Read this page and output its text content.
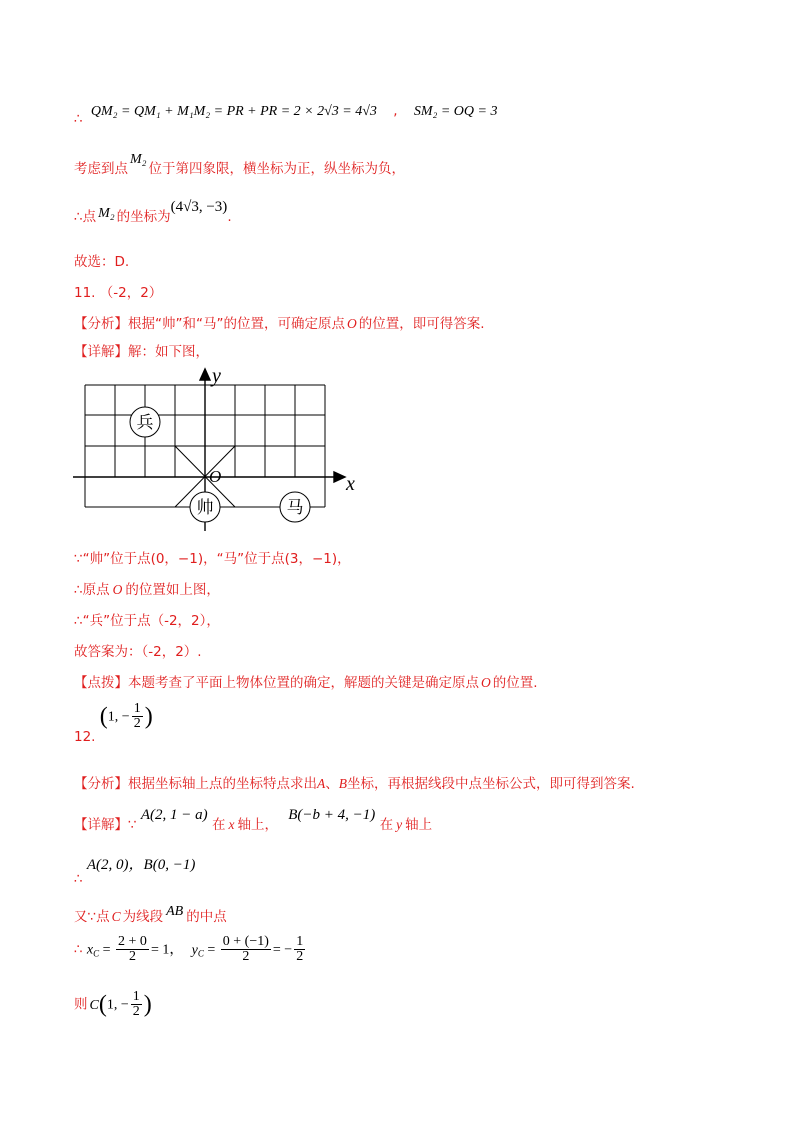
∴ QM₂ = QM₁ + M₁M₂ = PR + PR = 2 × 2√3 = 4√3 , SM₂ = OQ = 3
考虑到点M₂位于第四象限，横坐标为正，纵坐标为负，
∴点 M₂ 的坐标为(4√3, −3).
故选：D.
11. （-2，2）
【分析】根据“帅”和“马”的位置，可确定原点 O 的位置，即可得答案.
【详解】解：如下图，
x
y
O
兵
帅	马
∵“帅”位于点(0，−1)，“马”位于点(3，−1)，
∴原点 O 的位置如上图，
∴“兵”位于点（-2，2），
故答案为：（-2，2）.
【点拨】本题考查了平面上物体位置的确定，解题的关键是确定原点 O 的位置.
12. (1, − $\frac{1}{2}$ )
【分析】根据坐标轴上点的坐标特点求出A、B坐标，再根据线段中点坐标公式，即可得到答案.
【详解】∵ A(2, 1 − a) 在 x 轴上， B(−b + 4, −1) 在 y 轴上
∴ A(2, 0)，B(0, −1)
又∵点 C 为线段 AB 的中点
∴ $x_C = \frac{2 + 0}{2} = 1$， $y_C = \frac{0 + (-1)}{2}$ = − $\frac{1}{2}$
则 C(1, − $\frac{1}{2}$ )
